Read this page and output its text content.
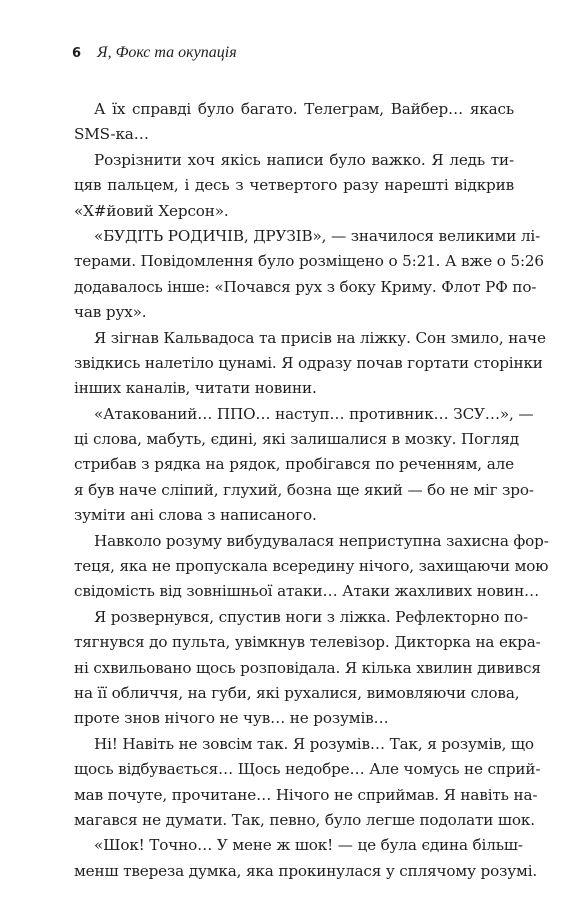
6 Я, Фокс та окупація
А їх справді було багато. Телеграм, Вайбер… якась
SMS-ка…
Розрізнити хоч якісь написи було важко. Я ледь ти-
цяв пальцем, і десь з четвертого разу нарешті відкрив
«Х#йовий Херсон».
«БУДІТЬ РОДИЧІВ, ДРУЗІВ», — значилося великими лі-
терами. Повідомлення було розміщено о 5:21. А вже о 5:26
додавалось інше: «Почався рух з боку Криму. Флот РФ по-
чав рух».
Я зігнав Кальвадоса та присів на ліжку. Сон змило, наче
звідкись налетіло цунамі. Я одразу почав гортати сторінки
інших каналів, читати новини.
«Атакований… ППО… наступ… противник… ЗСУ…», —
ці слова, мабуть, єдині, які залишалися в мозку. Погляд
стрибав з рядка на рядок, пробігався по реченням, але
я був наче сліпий, глухий, бозна ще який — бо не міг зро-
зуміти ані слова з написаного.
Навколо розуму вибудувалася неприступна захисна фор-
теця, яка не пропускала всередину нічого, захищаючи мою
свідомість від зовнішньої атаки… Атаки жахливих новин…
Я розвернувся, спустив ноги з ліжка. Рефлекторно по-
тягнувся до пульта, увімкнув телевізор. Дикторка на екра-
ні схвильовано щось розповідала. Я кілька хвилин дивився
на її обличчя, на губи, які рухалися, вимовляючи слова,
проте знов нічого не чув… не розумів…
Ні! Навіть не зовсім так. Я розумів… Так, я розумів, що
щось відбувається… Щось недобре… Але чомусь не сприй-
мав почуте, прочитане… Нічого не сприймав. Я навіть на-
магався не думати. Так, певно, було легше подолати шок.
«Шок! Точно… У мене ж шок! — це була єдина більш-
менш твереза думка, яка прокинулася у сплячому розумі.
